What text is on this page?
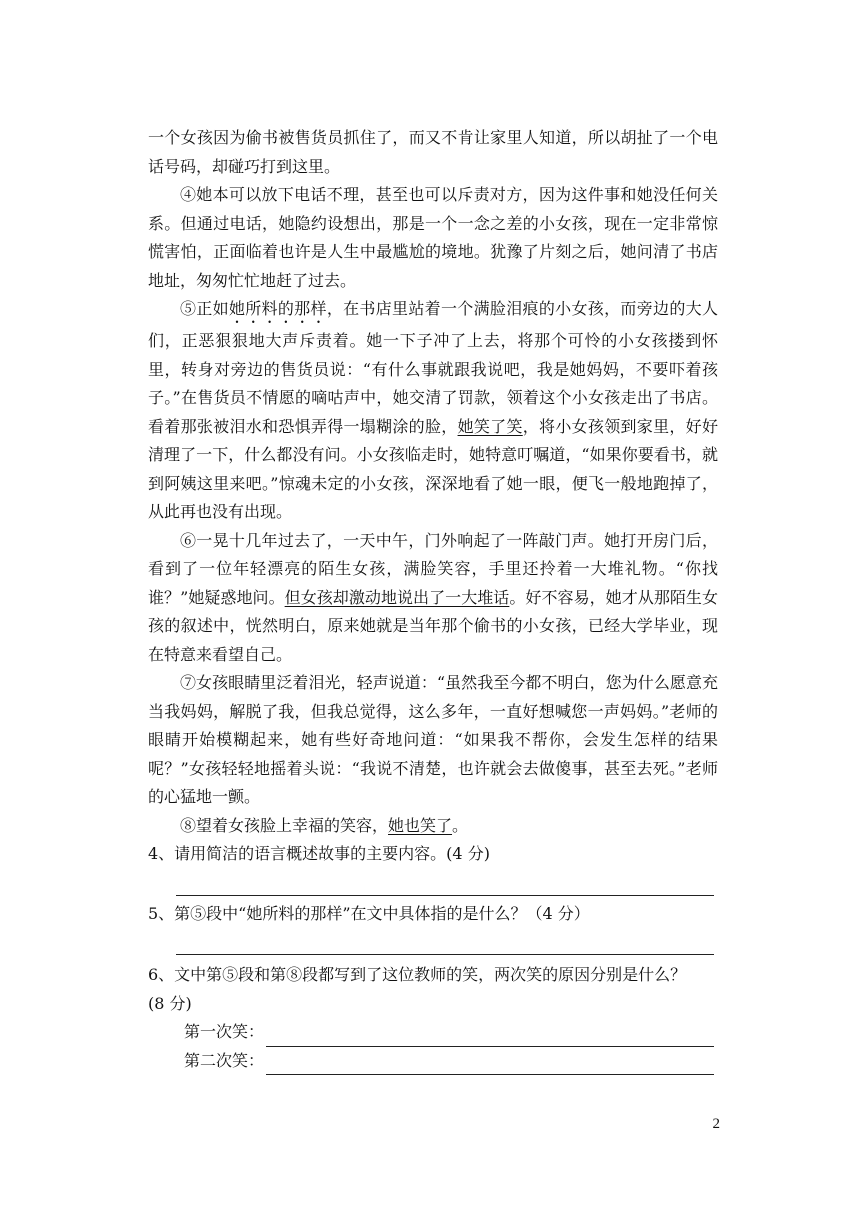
一个女孩因为偷书被售货员抓住了，而又不肯让家里人知道，所以胡扯了一个电话号码，却碰巧打到这里。

④她本可以放下电话不理，甚至也可以斥责对方，因为这件事和她没任何关系。但通过电话，她隐约设想出，那是一个一念之差的小女孩，现在一定非常惊慌害怕，正面临着也许是人生中最尴尬的境地。犹豫了片刻之后，她问清了书店地址，匆匆忙忙地赶了过去。

⑤正如她所料的那样，在书店里站着一个满脸泪痕的小女孩，而旁边的大人们，正恶狠狠地大声斥责着。她一下子冲了上去，将那个可怜的小女孩搂到怀里，转身对旁边的售货员说：“有什么事就跟我说吧，我是她妈妈，不要吓着孩子。”在售货员不情愿的嘀咕声中，她交清了罚款，领着这个小女孩走出了书店。看着那张被泪水和恐惧弄得一塌糊涂的脸，她笑了笑，将小女孩领到家里，好好清理了一下，什么都没有问。小女孩临走时，她特意叮嘱道，“如果你要看书，就到阿姨这里来吧。”惊魂未定的小女孩，深深地看了她一眼，便飞一般地跑掉了，从此再也没有出现。

⑥一晃十几年过去了，一天中午，门外响起了一阵敲门声。她打开房门后，看到了一位年轻漂亮的陌生女孩，满脸笑容，手里还拎着一大堆礼物。“你找谁？”她疑惑地问。但女孩却激动地说出了一大堆话。好不容易，她才从那陌生女孩的叙述中，恍然明白，原来她就是当年那个偷书的小女孩，已经大学毕业，现在特意来看望自己。

⑦女孩眼睛里泛着泪光，轻声说道：“虽然我至今都不明白，您为什么愿意充当我妈妈，解脱了我，但我总觉得，这么多年，一直好想喊您一声妈妈。”老师的眼睛开始模糊起来，她有些好奇地问道：“如果我不帮你，会发生怎样的结果呢？”女孩轻轻地摇着头说：“我说不清楚，也许就会去做傻事，甚至去死。”老师的心猛地一颤。

⑧望着女孩脸上幸福的笑容，她也笑了。

4、请用简洁的语言概述故事的主要内容。(4 分)

5、第⑤段中“她所料的那样”在文中具体指的是什么？（4 分）

6、文中第⑤段和第⑧段都写到了这位教师的笑，两次笑的原因分别是什么？

(8 分)

第一次笑：
第二次笑：
2
